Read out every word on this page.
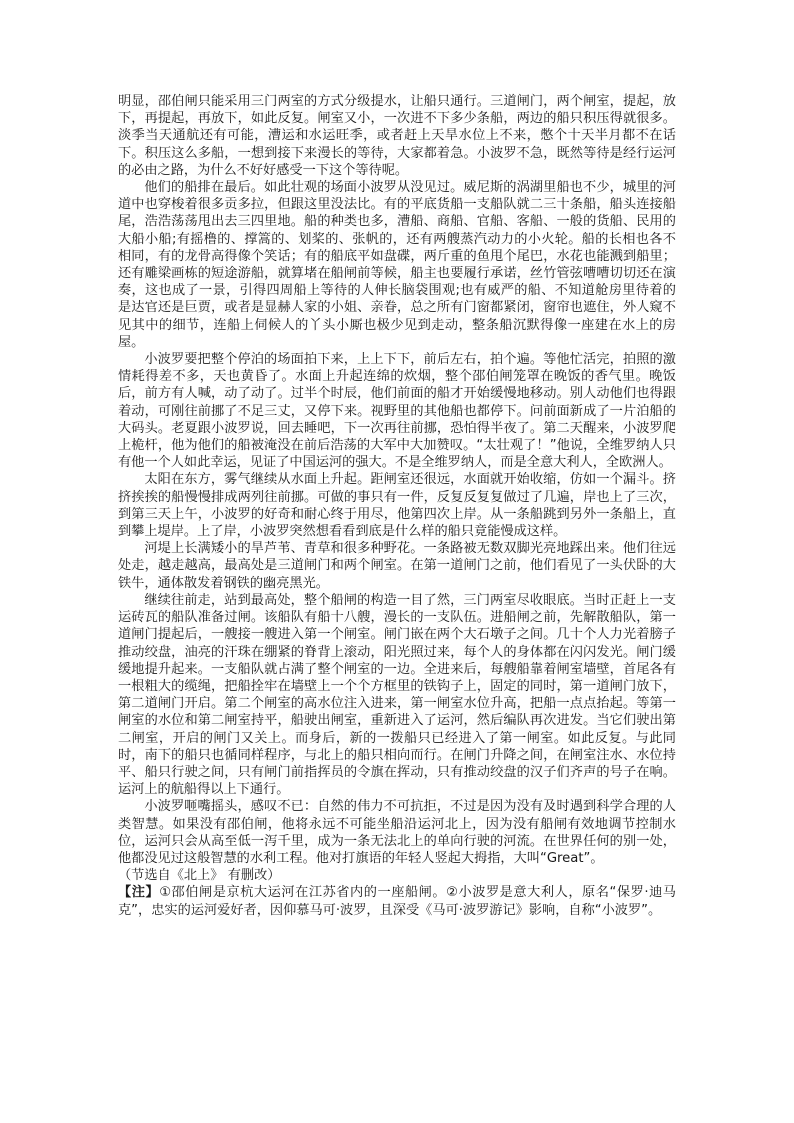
明显，邵伯闸只能采用三门两室的方式分级提水，让船只通行。三道闸门，两个闸室，提起，放下，再提起，再放下，如此反复。闸室又小，一次进不下多少条船，两边的船只积压得就很多。淡季当天通航还有可能，漕运和水运旺季，或者赶上天旱水位上不来，憋个十天半月都不在话下。积压这么多船，一想到接下来漫长的等待，大家都着急。小波罗不急，既然等待是经行运河的必由之路，为什么不好好感受一下这个等待呢。

他们的船排在最后。如此壮观的场面小波罗从没见过。威尼斯的涡湖里船也不少，城里的河道中也穿梭着很多贡多拉，但跟这里没法比。有的平底货船一支船队就二三十条船，船头连接船尾，浩浩荡荡甩出去三四里地。船的种类也多，漕船、商船、官船、客船、一般的货船、民用的大船小船;有摇橹的、撑篙的、划桨的、张帆的，还有两艘蒸汽动力的小火轮。船的长相也各不相同，有的龙骨高得像个笑话；有的船底平如盘碟，两斤重的鱼甩个尾巴，水花也能溅到船里；还有雕梁画栋的短途游船，就算堵在船闸前等候，船主也要履行承诺，丝竹管弦嘈嘈切切还在演奏，这也成了一景，引得四周船上等待的人伸长脑袋围观;也有威严的船、不知道舱房里待着的是达官还是巨贾，或者是显赫人家的小姐、亲眷，总之所有门窗都紧闭，窗帘也遮住，外人窥不见其中的细节，连船上伺候人的丫头小厮也极少见到走动，整条船沉默得像一座建在水上的房屋。

小波罗要把整个停泊的场面拍下来，上上下下，前后左右，拍个遍。等他忙活完，拍照的激情耗得差不多，天也黄昏了。水面上升起连绵的炊烟，整个邵伯闸笼罩在晚饭的香气里。晚饭后，前方有人喊，动了动了。过半个时辰，他们前面的船才开始缓慢地移动。别人动他们也得跟着动，可刚往前挪了不足三丈，又停下来。视野里的其他船也都停下。问前面新成了一片泊船的大码头。老夏跟小波罗说，回去睡吧，下一次再往前挪，恐怕得半夜了。第二天醒来，小波罗爬上桅杆，他为他们的船被淹没在前后浩荡的大军中大加赞叹。“太壮观了！”他说，全维罗纳人只有他一个人如此幸运，见证了中国运河的强大。不是全维罗纳人，而是全意大利人，全欧洲人。

太阳在东方，雾气继续从水面上升起。距闸室还很远，水面就开始收缩，仿如一个漏斗。挤挤挨挨的船慢慢排成两列往前挪。可做的事只有一件，反复反复复做过了几遍，岸也上了三次，到第三天上午，小波罗的好奇和耐心终于用尽，他第四次上岸。从一条船跳到另外一条船上，直到攀上堤岸。上了岸，小波罗突然想看看到底是什么样的船只竟能慢成这样。

河堤上长满矮小的旱芦苇、青草和很多种野花。一条路被无数双脚光亮地踩出来。他们往远处走，越走越高，最高处是三道闸门和两个闸室。在第一道闸门之前，他们看见了一头伏卧的大铁牛，通体散发着钢铁的幽亮黑光。

继续往前走，站到最高处，整个船闸的构造一目了然，三门两室尽收眼底。当时正赶上一支运砖瓦的船队准备过闸。该船队有船十八艘，漫长的一支队伍。进船闸之前，先解散船队，第一道闸门提起后，一艘接一艘进入第一个闸室。闸门嵌在两个大石墩子之间。几十个人力光着膀子推动绞盘，油亮的汗珠在绷紧的脊背上滚动，阳光照过来，每个人的身体都在闪闪发光。闸门缓缓地提升起来。一支船队就占满了整个闸室的一边。全进来后，每艘船靠着闸室墙壁，首尾各有一根粗大的缆绳，把船拴牢在墙壁上一个个方框里的铁钩子上，固定的同时，第一道闸门放下，第二道闸门开启。第二个闸室的高水位注入进来，第一闸室水位升高，把船一点点抬起。等第一闸室的水位和第二闸室持平，船驶出闸室，重新进入了运河，然后编队再次进发。当它们驶出第二闸室，开启的闸门又关上。而身后，新的一拨船只已经进入了第一闸室。如此反复。与此同时，南下的船只也循同样程序，与北上的船只相向而行。在闸门升降之间，在闸室注水、水位持平、船只行驶之间，只有闸门前指挥员的令旗在挥动，只有推动绞盘的汉子们齐声的号子在响。运河上的航船得以上下通行。

小波罗咂嘴摇头，感叹不已：自然的伟力不可抗拒，不过是因为没有及时遇到科学合理的人类智慧。如果没有邵伯闸，他将永远不可能坐船沿运河北上，因为没有船闸有效地调节控制水位，运河只会从高至低一泻千里，成为一条无法北上的单向行驶的河流。在世界任何的别一处，他都没见过这般智慧的水利工程。他对打旗语的年轻人竖起大拇指，大叫“Great”。

（节选自《北上》 有删改）

【注】①邵伯闸是京杭大运河在江苏省内的一座船闸。②小波罗是意大利人，原名“保罗·迪马克”，忠实的运河爱好者，因仰慕马可·波罗，且深受《马可·波罗游记》影响，自称“小波罗”。
